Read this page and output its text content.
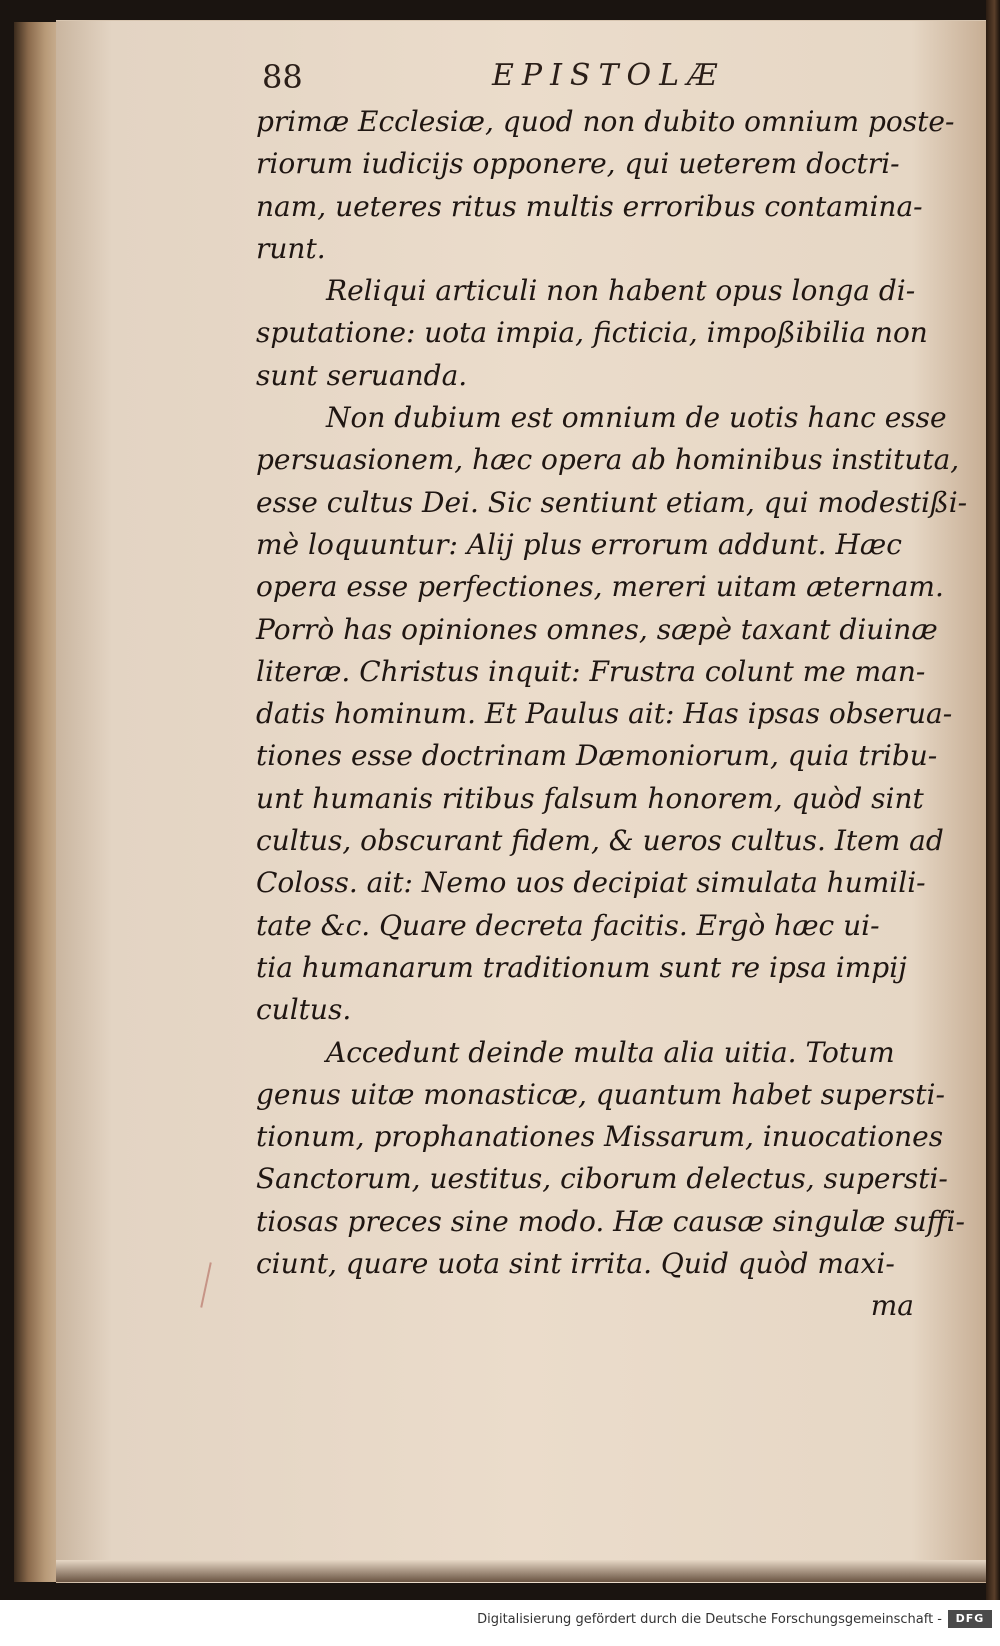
88	EPISTOLÆ
primæ Ecclesiæ, quod non dubito omnium poste-
riorum iudicijs opponere, qui ueterem doctri-
nam, ueteres ritus multis erroribus contamina-
runt.
Reliqui articuli non habent opus longa di-
sputatione: uota impia, ficticia, impoßibilia non
sunt seruanda.
Non dubium est omnium de uotis hanc esse
persuasionem, hæc opera ab hominibus instituta,
esse cultus Dei. Sic sentiunt etiam, qui modestißi-
mè loquuntur: Alij plus errorum addunt. Hæc
opera esse perfectiones, mereri uitam æternam.
Porrò has opiniones omnes, sæpè taxant diuinæ
literæ. Christus inquit: Frustra colunt me man-
datis hominum. Et Paulus ait: Has ipsas obserua-
tiones esse doctrinam Dæmoniorum, quia tribu-
unt humanis ritibus falsum honorem, quòd sint
cultus, obscurant fidem, & ueros cultus. Item ad
Coloss. ait: Nemo uos decipiat simulata humili-
tate &c. Quare decreta facitis. Ergò hæc ui-
tia humanarum traditionum sunt re ipsa impij
cultus.
Accedunt deinde multa alia uitia. Totum
genus uitæ monasticæ, quantum habet supersti-
tionum, prophanationes Missarum, inuocationes
Sanctorum, uestitus, ciborum delectus, supersti-
tiosas preces sine modo. Hæ causæ singulæ suffi-
ciunt, quare uota sint irrita. Quid quòd maxi-
ma
Digitalisierung gefördert durch die Deutsche Forschungsgemeinschaft -	DFG
